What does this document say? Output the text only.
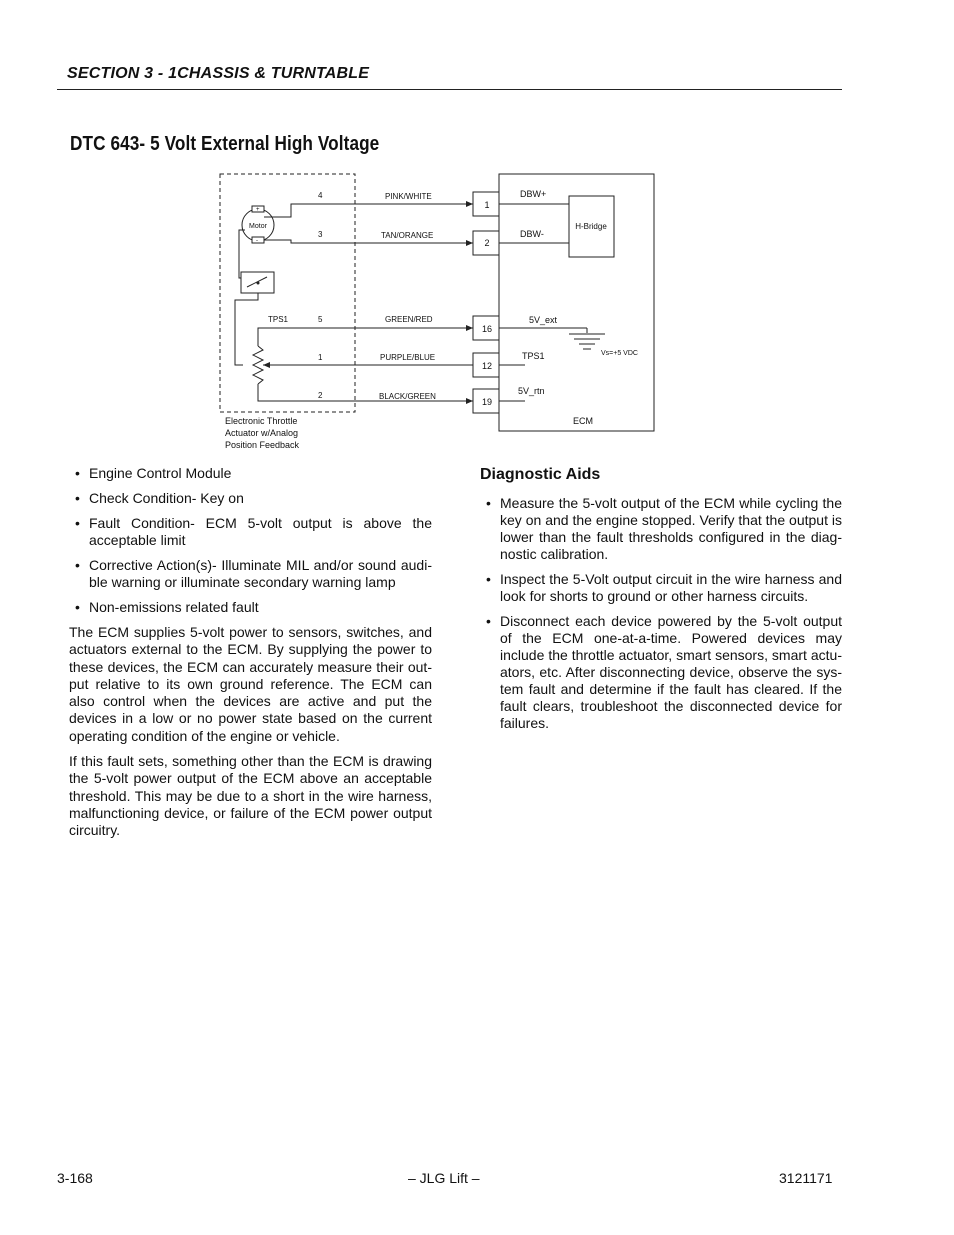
SECTION 3 - 1CHASSIS & TURNTABLE
DTC 643- 5 Volt External High Voltage
H-Bridge
1
2
16
12
19
DBW+
DBW-
5V_ext
TPS1
5V_rtn
ECM
Vs=+5 VDC
4	PINK/WHITE
3	TAN/ORANGE
5	GREEN/RED
1	PURPLE/BLUE
2	BLACK/GREEN
Motor
+
-
TPS1
Electronic Throttle
Actuator w/Analog
Position Feedback
• Engine Control Module
• Check Condition- Key on
• Fault Condition- ECM 5-volt output is above the acceptable limit
• Corrective Action(s)- Illuminate MIL and/or sound audi-ble warning or illuminate secondary warning lamp
• Non-emissions related fault

The ECM supplies 5-volt power to sensors, switches, and actuators external to the ECM. By supplying the power to these devices, the ECM can accurately measure their out-put relative to its own ground reference. The ECM can also control when the devices are active and put the devices in a low or no power state based on the current operating condition of the engine or vehicle.

If this fault sets, something other than the ECM is drawing the 5-volt power output of the ECM above an acceptable threshold. This may be due to a short in the wire harness, malfunctioning device, or failure of the ECM power output circuitry.

Diagnostic Aids
• Measure the 5-volt output of the ECM while cycling the key on and the engine stopped. Verify that the output is lower than the fault thresholds configured in the diag-nostic calibration.
• Inspect the 5-Volt output circuit in the wire harness and look for shorts to ground or other harness circuits.
• Disconnect each device powered by the 5-volt output of the ECM one-at-a-time. Powered devices may include the throttle actuator, smart sensors, smart actu-ators, etc. After disconnecting device, observe the sys-tem fault and determine if the fault has cleared. If the fault clears, troubleshoot the disconnected device for failures.
3-168	– JLG Lift –	3121171
